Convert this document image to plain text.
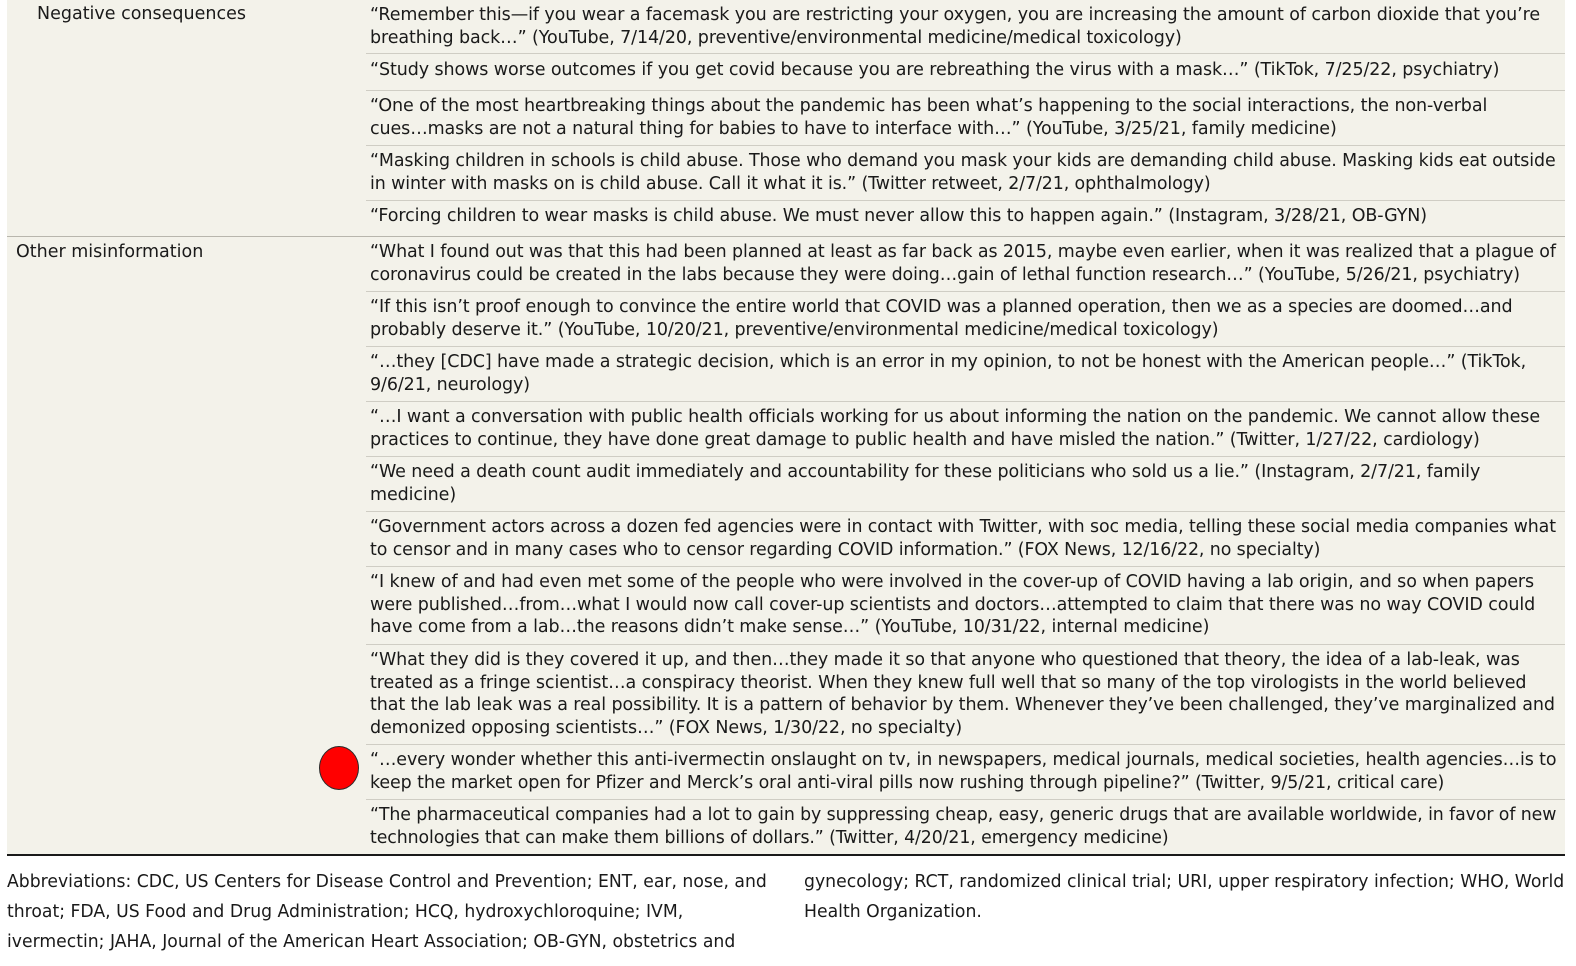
Negative consequences
Other misinformation
“Remember this—if you wear a facemask you are restricting your oxygen, you are increasing the amount of carbon dioxide that you’re
breathing back…” (YouTube, 7/14/20, preventive/environmental medicine/medical toxicology)
“Study shows worse outcomes if you get covid because you are rebreathing the virus with a mask…” (TikTok, 7/25/22, psychiatry)
“One of the most heartbreaking things about the pandemic has been what’s happening to the social interactions, the non-verbal
cues…masks are not a natural thing for babies to have to interface with…” (YouTube, 3/25/21, family medicine)
“Masking children in schools is child abuse. Those who demand you mask your kids are demanding child abuse. Masking kids eat outside
in winter with masks on is child abuse. Call it what it is.” (Twitter retweet, 2/7/21, ophthalmology)
“Forcing children to wear masks is child abuse. We must never allow this to happen again.” (Instagram, 3/28/21, OB-GYN)
“What I found out was that this had been planned at least as far back as 2015, maybe even earlier, when it was realized that a plague of
coronavirus could be created in the labs because they were doing…gain of lethal function research…” (YouTube, 5/26/21, psychiatry)
“If this isn’t proof enough to convince the entire world that COVID was a planned operation, then we as a species are doomed…and
probably deserve it.” (YouTube, 10/20/21, preventive/environmental medicine/medical toxicology)
“…they [CDC] have made a strategic decision, which is an error in my opinion, to not be honest with the American people…” (TikTok,
9/6/21, neurology)
“…I want a conversation with public health officials working for us about informing the nation on the pandemic. We cannot allow these
practices to continue, they have done great damage to public health and have misled the nation.” (Twitter, 1/27/22, cardiology)
“We need a death count audit immediately and accountability for these politicians who sold us a lie.” (Instagram, 2/7/21, family
medicine)
“Government actors across a dozen fed agencies were in contact with Twitter, with soc media, telling these social media companies what
to censor and in many cases who to censor regarding COVID information.” (FOX News, 12/16/22, no specialty)
“I knew of and had even met some of the people who were involved in the cover-up of COVID having a lab origin, and so when papers
were published…from…what I would now call cover-up scientists and doctors…attempted to claim that there was no way COVID could
have come from a lab…the reasons didn’t make sense…” (YouTube, 10/31/22, internal medicine)
“What they did is they covered it up, and then…they made it so that anyone who questioned that theory, the idea of a lab-leak, was
treated as a fringe scientist…a conspiracy theorist. When they knew full well that so many of the top virologists in the world believed
that the lab leak was a real possibility. It is a pattern of behavior by them. Whenever they’ve been challenged, they’ve marginalized and
demonized opposing scientists…” (FOX News, 1/30/22, no specialty)
“…every wonder whether this anti-ivermectin onslaught on tv, in newspapers, medical journals, medical societies, health agencies…is to
keep the market open for Pfizer and Merck’s oral anti-viral pills now rushing through pipeline?” (Twitter, 9/5/21, critical care)
“The pharmaceutical companies had a lot to gain by suppressing cheap, easy, generic drugs that are available worldwide, in favor of new
technologies that can make them billions of dollars.” (Twitter, 4/20/21, emergency medicine)
Abbreviations: CDC, US Centers for Disease Control and Prevention; ENT, ear, nose, and
throat; FDA, US Food and Drug Administration; HCQ, hydroxychloroquine; IVM,
ivermectin; JAHA, Journal of the American Heart Association; OB-GYN, obstetrics and
gynecology; RCT, randomized clinical trial; URI, upper respiratory infection; WHO, World
Health Organization.
